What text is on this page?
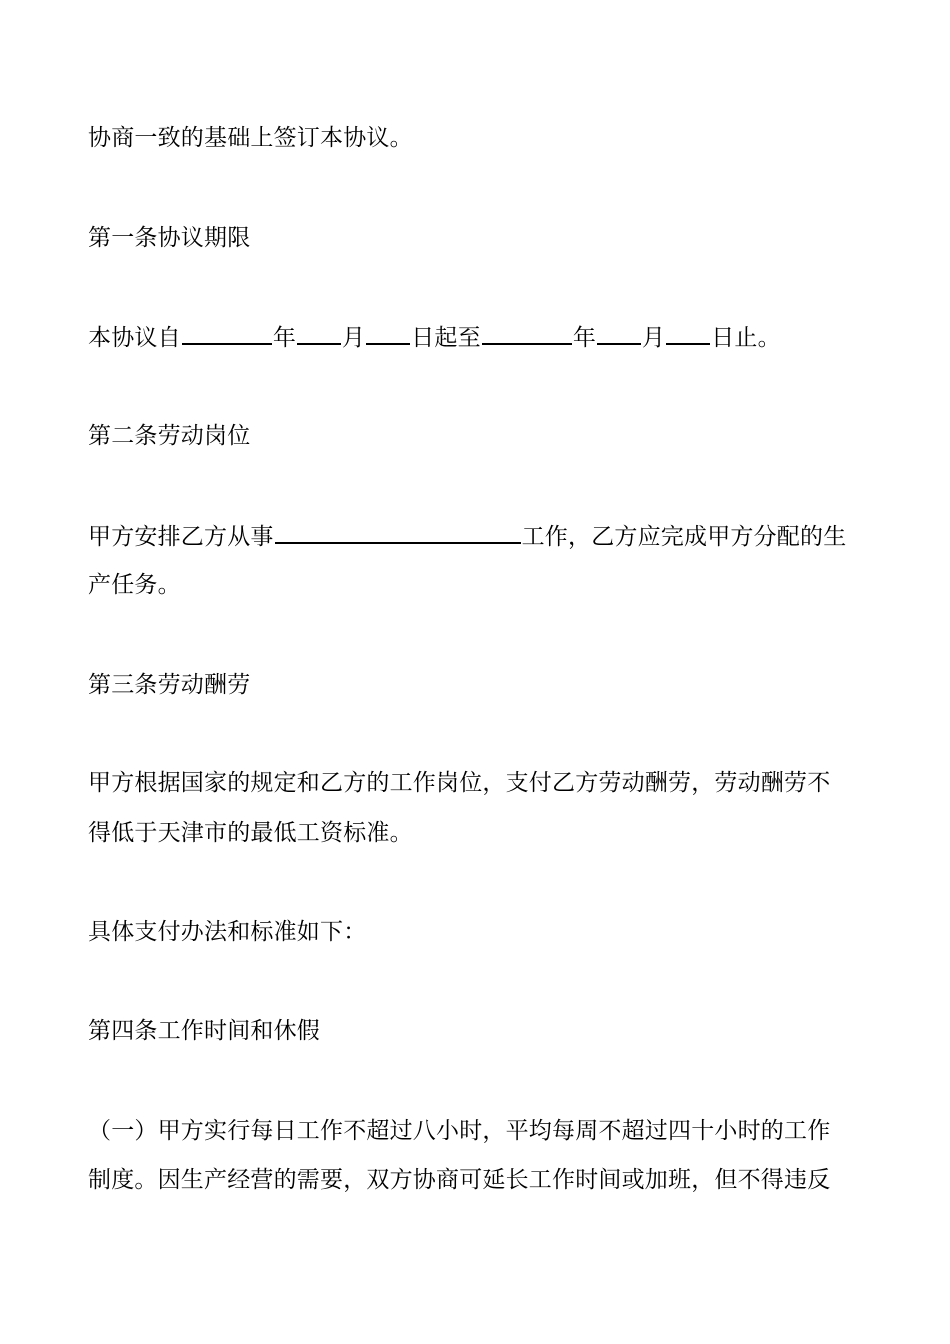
协商一致的基础上签订本协议。
第一条协议期限
本协议自	年 月 日起至	年 月 日止。
第二条劳动岗位
甲方安排乙方从事	工作，乙方应完成甲方分配的生
产任务。
第三条劳动酬劳
甲方根据国家的规定和乙方的工作岗位，支付乙方劳动酬劳，劳动酬劳不
得低于天津市的最低工资标准。
具体支付办法和标准如下：
第四条工作时间和休假
（一）甲方实行每日工作不超过八小时，平均每周不超过四十小时的工作
制度。因生产经营的需要，双方协商可延长工作时间或加班，但不得违反
